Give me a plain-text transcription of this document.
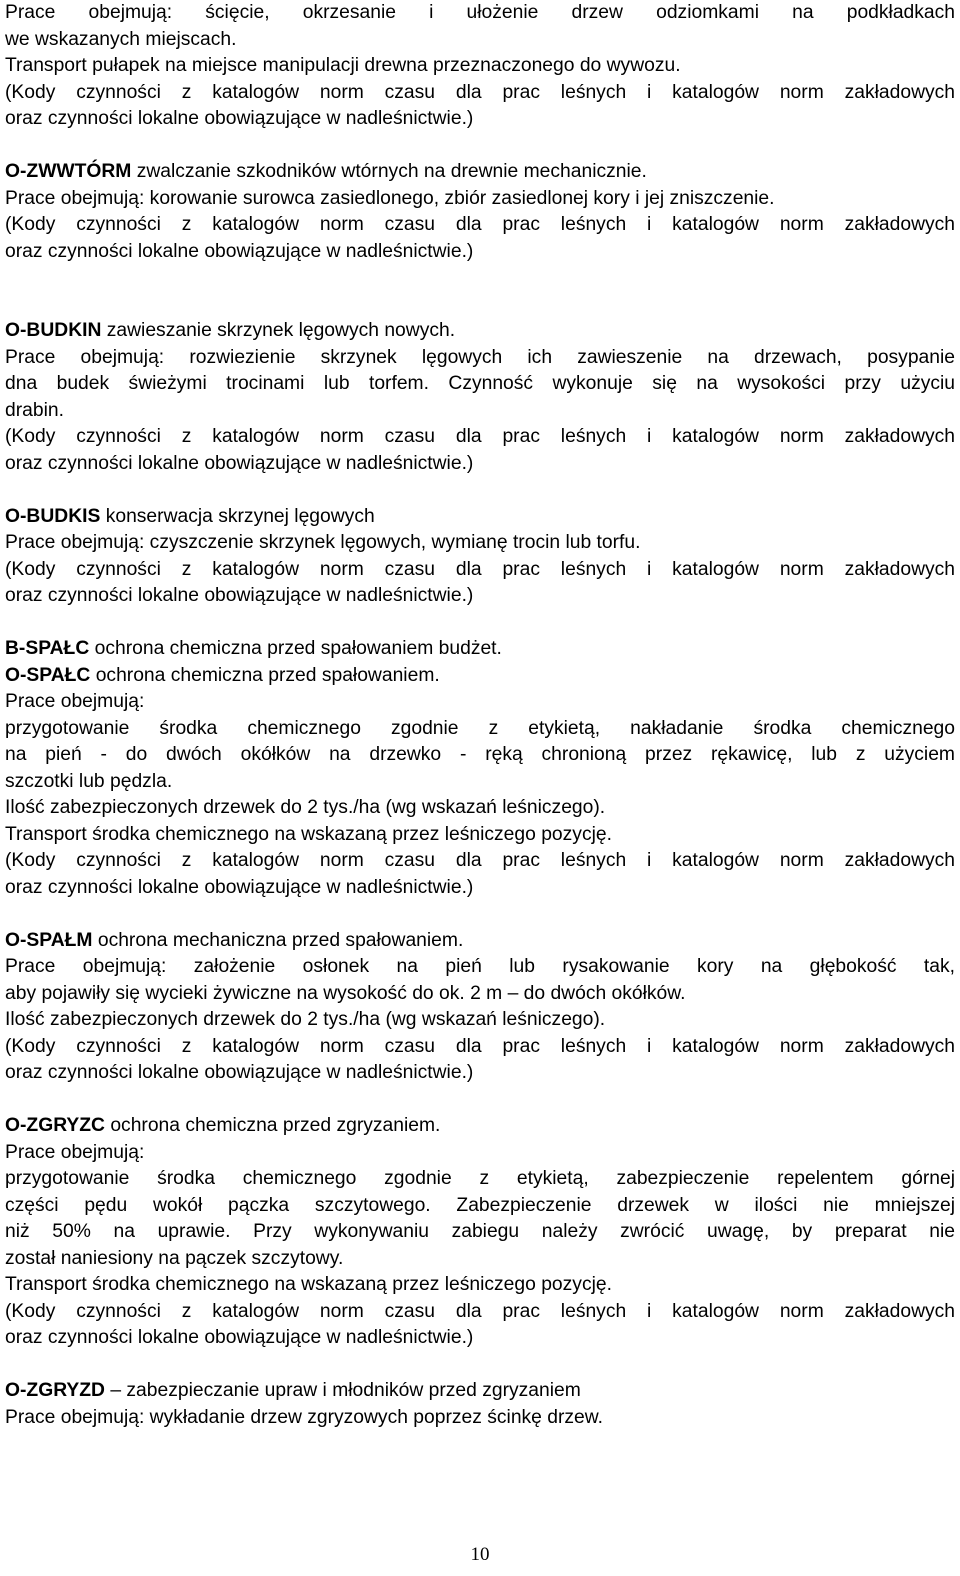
Prace obejmują: ścięcie, okrzesanie i ułożenie drzew odziomkami na podkładkach
we wskazanych miejscach.
Transport pułapek na miejsce manipulacji drewna przeznaczonego do wywozu.
(Kody czynności z katalogów norm czasu dla prac leśnych i katalogów norm zakładowych
oraz czynności lokalne obowiązujące w nadleśnictwie.)
O-ZWWTÓRM zwalczanie szkodników wtórnych na drewnie mechanicznie.
Prace obejmują: korowanie surowca zasiedlonego, zbiór zasiedlonej kory i jej zniszczenie.
(Kody czynności z katalogów norm czasu dla prac leśnych i katalogów norm zakładowych
oraz czynności lokalne obowiązujące w nadleśnictwie.)
O-BUDKIN zawieszanie skrzynek lęgowych nowych.
Prace obejmują: rozwiezienie skrzynek lęgowych ich zawieszenie na drzewach, posypanie
dna budek świeżymi trocinami lub torfem. Czynność wykonuje się na wysokości przy użyciu
drabin.
(Kody czynności z katalogów norm czasu dla prac leśnych i katalogów norm zakładowych
oraz czynności lokalne obowiązujące w nadleśnictwie.)
O-BUDKIS konserwacja skrzynej lęgowych
Prace obejmują: czyszczenie skrzynek lęgowych, wymianę trocin lub torfu.
(Kody czynności z katalogów norm czasu dla prac leśnych i katalogów norm zakładowych
oraz czynności lokalne obowiązujące w nadleśnictwie.)
B-SPAŁC ochrona chemiczna przed spałowaniem budżet.
O-SPAŁC ochrona chemiczna przed spałowaniem.
Prace obejmują:
przygotowanie środka chemicznego zgodnie z etykietą, nakładanie środka chemicznego
na pień - do dwóch okółków na drzewko - ręką chronioną przez rękawicę, lub z użyciem
szczotki lub pędzla.
Ilość zabezpieczonych drzewek do 2 tys./ha (wg wskazań leśniczego).
Transport środka chemicznego na wskazaną przez leśniczego pozycję.
(Kody czynności z katalogów norm czasu dla prac leśnych i katalogów norm zakładowych
oraz czynności lokalne obowiązujące w nadleśnictwie.)
O-SPAŁM ochrona mechaniczna przed spałowaniem.
Prace obejmują: założenie osłonek na pień lub rysakowanie kory na głębokość tak,
aby pojawiły się wycieki żywiczne na wysokość do ok. 2 m – do dwóch okółków.
Ilość zabezpieczonych drzewek do 2 tys./ha (wg wskazań leśniczego).
(Kody czynności z katalogów norm czasu dla prac leśnych i katalogów norm zakładowych
oraz czynności lokalne obowiązujące w nadleśnictwie.)
O-ZGRYZC ochrona chemiczna przed zgryzaniem.
Prace obejmują:
przygotowanie środka chemicznego zgodnie z etykietą, zabezpieczenie repelentem górnej
części pędu wokół pączka szczytowego. Zabezpieczenie drzewek w ilości nie mniejszej
niż 50% na uprawie. Przy wykonywaniu zabiegu należy zwrócić uwagę, by preparat nie
został naniesiony na pączek szczytowy.
Transport środka chemicznego na wskazaną przez leśniczego pozycję.
(Kody czynności z katalogów norm czasu dla prac leśnych i katalogów norm zakładowych
oraz czynności lokalne obowiązujące w nadleśnictwie.)
O-ZGRYZD – zabezpieczanie upraw i młodników przed zgryzaniem
Prace obejmują: wykładanie drzew zgryzowych poprzez ścinkę drzew.
10
